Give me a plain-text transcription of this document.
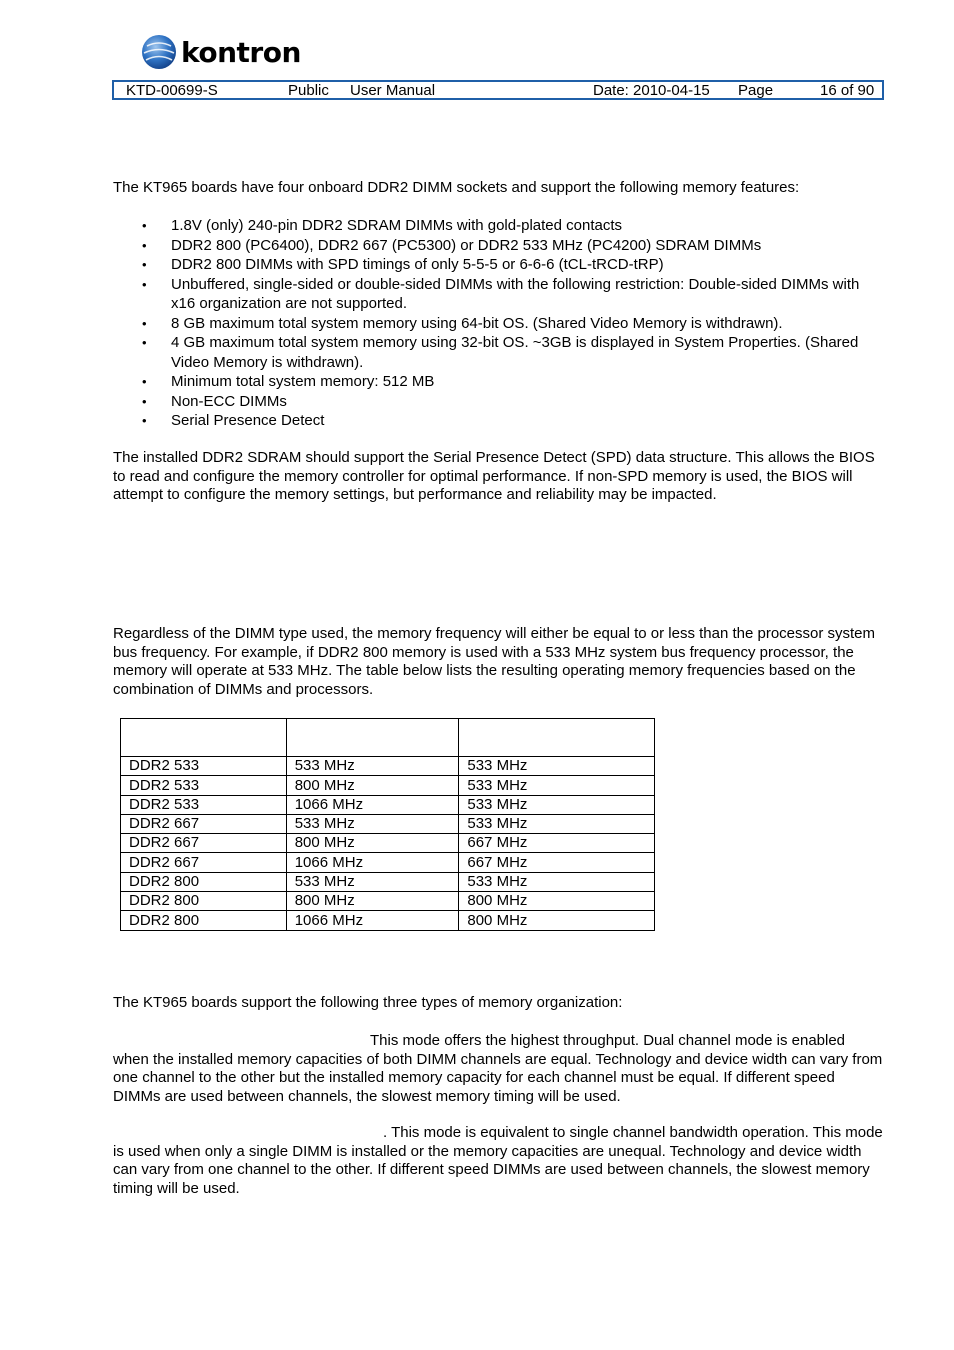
kontron
KTD-00699-S	Public User Manual	Date: 2010-04-15 Page	16 of 90

The KT965 boards have four onboard DDR2 DIMM sockets and support the following memory features:

• 1.8V (only) 240-pin DDR2 SDRAM DIMMs with gold-plated contacts
• DDR2 800 (PC6400), DDR2 667 (PC5300) or DDR2 533 MHz (PC4200) SDRAM DIMMs
• DDR2 800 DIMMs with SPD timings of only 5-5-5 or 6-6-6 (tCL-tRCD-tRP)
• Unbuffered, single-sided or double-sided DIMMs with the following restriction: Double-sided DIMMs with x16 organization are not supported.
• 8 GB maximum total system memory using 64-bit OS. (Shared Video Memory is withdrawn).
• 4 GB maximum total system memory using 32-bit OS. ~3GB is displayed in System Properties. (Shared Video Memory is withdrawn).
• Minimum total system memory: 512 MB
• Non-ECC DIMMs
• Serial Presence Detect

The installed DDR2 SDRAM should support the Serial Presence Detect (SPD) data structure. This allows the BIOS to read and configure the memory controller for optimal performance. If non-SPD memory is used, the BIOS will attempt to configure the memory settings, but performance and reliability may be impacted.

Regardless of the DIMM type used, the memory frequency will either be equal to or less than the processor system bus frequency. For example, if DDR2 800 memory is used with a 533 MHz system bus frequency processor, the memory will operate at 533 MHz. The table below lists the resulting operating memory frequencies based on the combination of DIMMs and processors.

DDR2 533	533 MHz	533 MHz
DDR2 533	800 MHz	533 MHz
DDR2 533	1066 MHz	533 MHz
DDR2 667	533 MHz	533 MHz
DDR2 667	800 MHz	667 MHz
DDR2 667	1066 MHz	667 MHz
DDR2 800	533 MHz	533 MHz
DDR2 800	800 MHz	800 MHz
DDR2 800	1066 MHz	800 MHz

The KT965 boards support the following three types of memory organization:

This mode offers the highest throughput. Dual channel mode is enabled when the installed memory capacities of both DIMM channels are equal. Technology and device width can vary from one channel to the other but the installed memory capacity for each channel must be equal. If different speed DIMMs are used between channels, the slowest memory timing will be used.

. This mode is equivalent to single channel bandwidth operation. This mode is used when only a single DIMM is installed or the memory capacities are unequal. Technology and device width can vary from one channel to the other. If different speed DIMMs are used between channels, the slowest memory timing will be used.
